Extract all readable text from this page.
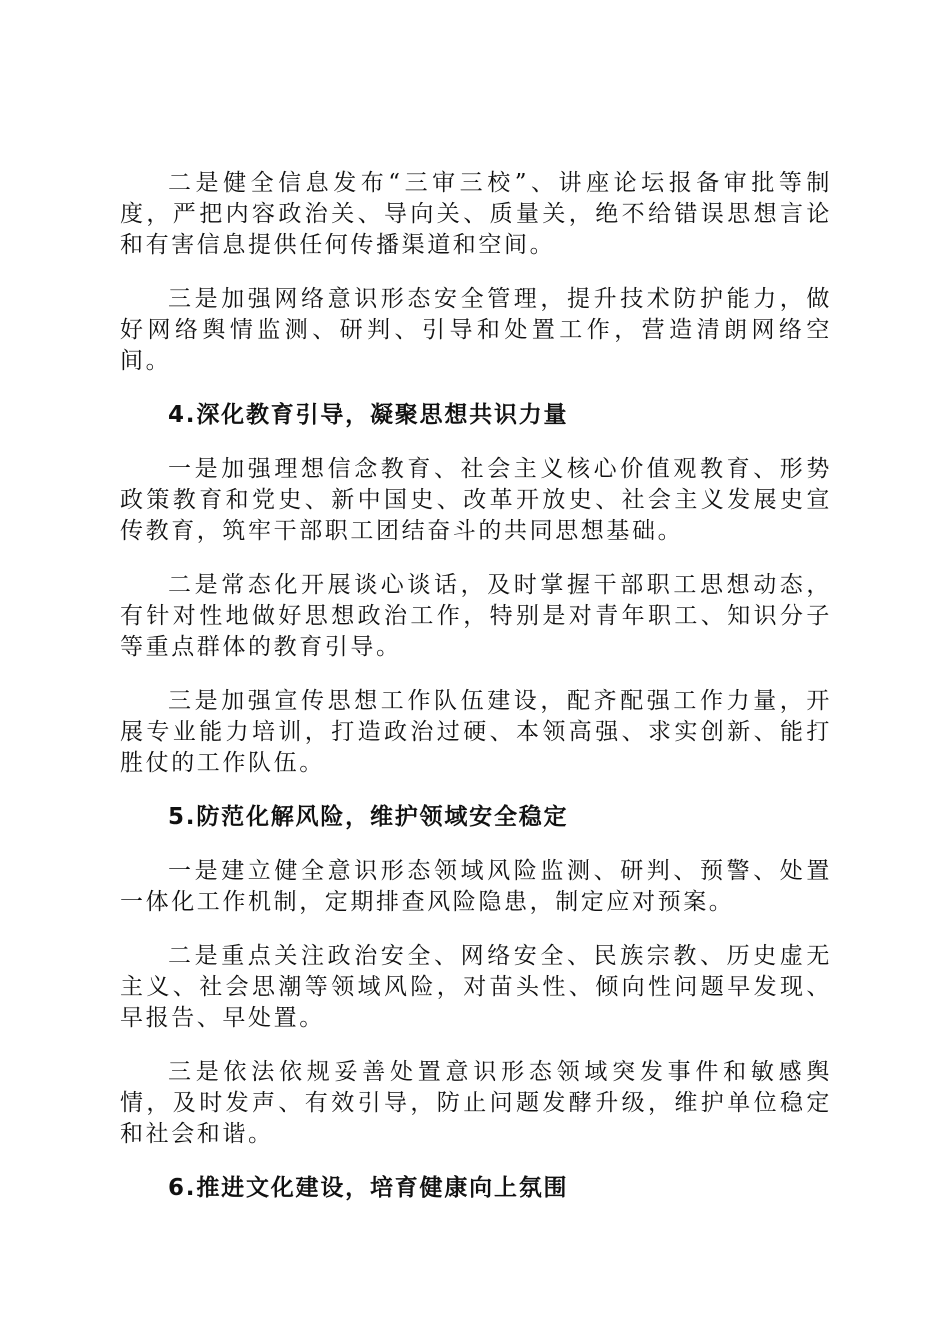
二是健全信息发布“三审三校”、讲座论坛报备审批等制度，严把内容政治关、导向关、质量关，绝不给错误思想言论和有害信息提供任何传播渠道和空间。

三是加强网络意识形态安全管理，提升技术防护能力，做好网络舆情监测、研判、引导和处置工作，营造清朗网络空间。

4.深化教育引导，凝聚思想共识力量

一是加强理想信念教育、社会主义核心价值观教育、形势政策教育和党史、新中国史、改革开放史、社会主义发展史宣传教育，筑牢干部职工团结奋斗的共同思想基础。

二是常态化开展谈心谈话，及时掌握干部职工思想动态，有针对性地做好思想政治工作，特别是对青年职工、知识分子等重点群体的教育引导。

三是加强宣传思想工作队伍建设，配齐配强工作力量，开展专业能力培训，打造政治过硬、本领高强、求实创新、能打胜仗的工作队伍。

5.防范化解风险，维护领域安全稳定

一是建立健全意识形态领域风险监测、研判、预警、处置一体化工作机制，定期排查风险隐患，制定应对预案。

二是重点关注政治安全、网络安全、民族宗教、历史虚无主义、社会思潮等领域风险，对苗头性、倾向性问题早发现、早报告、早处置。

三是依法依规妥善处置意识形态领域突发事件和敏感舆情，及时发声、有效引导，防止问题发酵升级，维护单位稳定和社会和谐。

6.推进文化建设，培育健康向上氛围
